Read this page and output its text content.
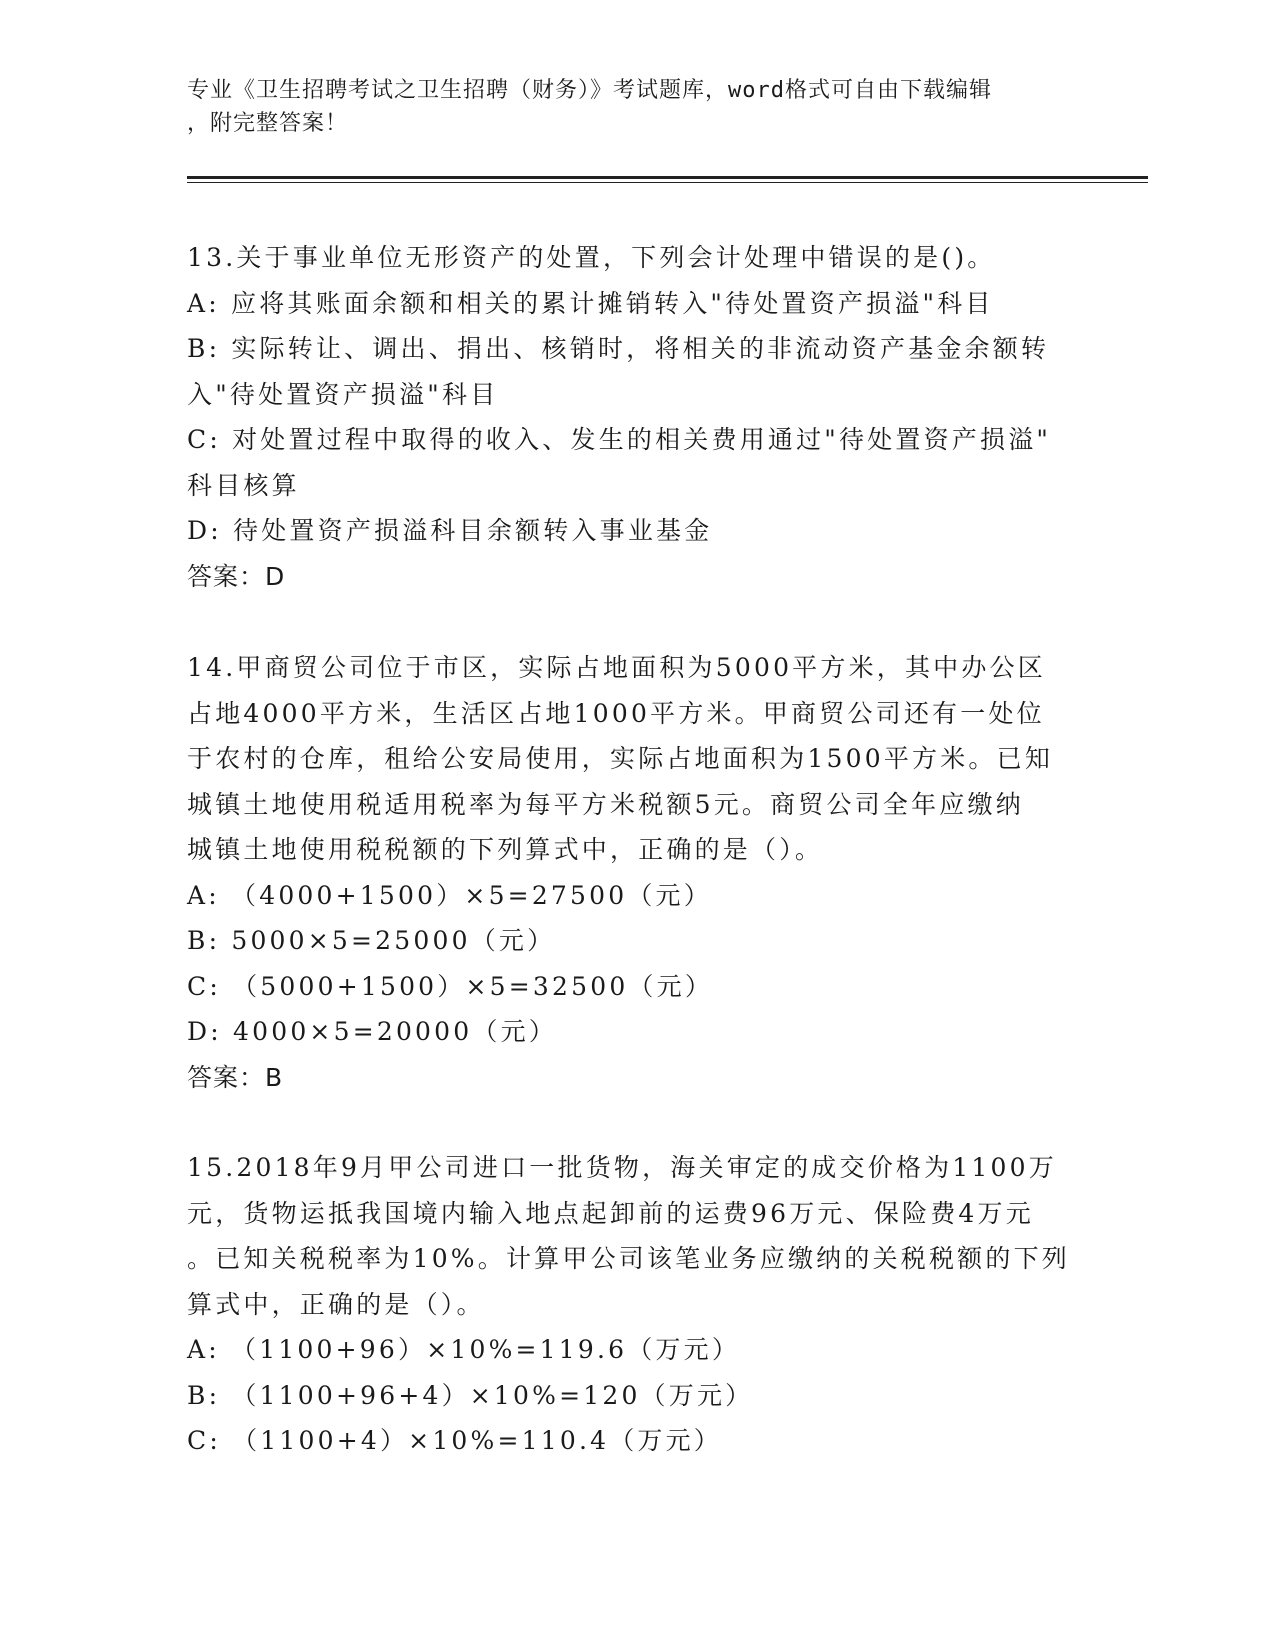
专业《卫生招聘考试之卫生招聘（财务）》考试题库，word格式可自由下载编辑
，附完整答案！
13.关于事业单位无形资产的处置，下列会计处理中错误的是()。
A: 应将其账面余额和相关的累计摊销转入"待处置资产损溢"科目
B: 实际转让、调出、捐出、核销时，将相关的非流动资产基金余额转
入"待处置资产损溢"科目
C: 对处置过程中取得的收入、发生的相关费用通过"待处置资产损溢"
科目核算
D: 待处置资产损溢科目余额转入事业基金
答案：D
14.甲商贸公司位于市区，实际占地面积为5000平方米，其中办公区
占地4000平方米，生活区占地1000平方米。甲商贸公司还有一处位
于农村的仓库，租给公安局使用，实际占地面积为1500平方米。已知
城镇土地使用税适用税率为每平方米税额5元。商贸公司全年应缴纳
城镇土地使用税税额的下列算式中，正确的是（）。
A: （4000+1500）×5=27500（元）
B: 5000×5=25000（元）
C: （5000+1500）×5=32500（元）
D: 4000×5=20000（元）
答案：B
15.2018年9月甲公司进口一批货物，海关审定的成交价格为1100万
元，货物运抵我国境内输入地点起卸前的运费96万元、保险费4万元
。已知关税税率为10%。计算甲公司该笔业务应缴纳的关税税额的下列
算式中，正确的是（）。
A: （1100+96）×10%=119.6（万元）
B: （1100+96+4）×10%=120（万元）
C: （1100+4）×10%=110.4（万元）
